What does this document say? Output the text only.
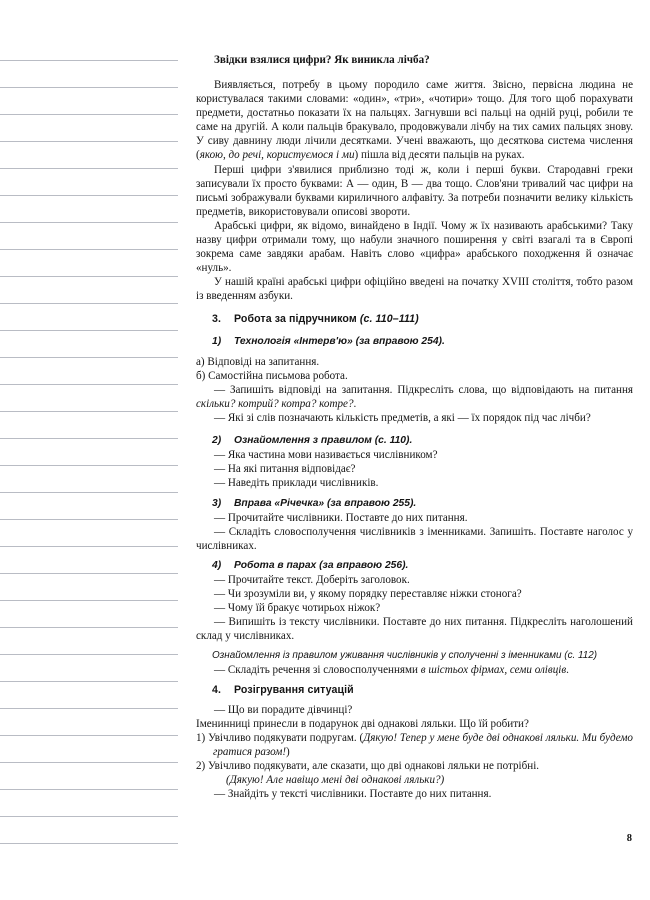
Звідки взялися цифри? Як виникла лічба?

Виявляється, потребу в цьому породило саме життя. Звісно, первісна людина не користувалася такими словами: «один», «три», «чотири» тощо. Для того щоб порахувати предмети, достатньо показати їх на пальцях. Загнувши всі пальці на одній руці, робили те саме на другій. А коли пальців бракувало, продовжували лічбу на тих самих пальцях знову. У сиву давнину люди лічили десятками. Учені вважають, що десяткова система числення (якою, до речі, користуємося і ми) пішла від десяти пальців на руках.

Перші цифри з'явилися приблизно тоді ж, коли і перші букви. Стародавні греки записували їх просто буквами: А — один, В — два тощо. Слов'яни тривалий час цифри на письмі зображували буквами кириличного алфавіту. За потреби позначити велику кількість предметів, використовували описові звороти.

Арабські цифри, як відомо, винайдено в Індії. Чому ж їх називають арабськими? Таку назву цифри отримали тому, що набули значного поширення у світі взагалі та в Європі зокрема саме завдяки арабам. Навіть слово «цифра» арабського походження й означає «нуль».

У нашій країні арабські цифри офіційно введені на початку XVIII століття, тобто разом із введенням азбуки.

3. Робота за підручником (с. 110–111)
1) Технологія «Інтерв'ю» (за вправою 254).

а) Відповіді на запитання.

б) Самостійна письмова робота.

— Запишіть відповіді на запитання. Підкресліть слова, що відповідають на питання скільки? котрий? котра? котре?.

— Які зі слів позначають кількість предметів, а які — їх порядок під час лічби?

2) Ознайомлення з правилом (с. 110).

— Яка частина мови називається числівником?

— На які питання відповідає?

— Наведіть приклади числівників.

3) Вправа «Річечка» (за вправою 255).

— Прочитайте числівники. Поставте до них питання.

— Складіть словосполучення числівників з іменниками. Запишіть. Поставте наголос у числівниках.

4) Робота в парах (за вправою 256).

— Прочитайте текст. Доберіть заголовок.

— Чи зрозуміли ви, у якому порядку переставляє ніжки стонога?

— Чому їй бракує чотирьох ніжок?

— Випишіть із тексту числівники. Поставте до них питання. Підкресліть наголошений склад у числівниках.

Ознайомлення із правилом уживання числівників у сполученні з іменниками (с. 112)

— Складіть речення зі словосполученнями в шістьох фірмах, семи олівців.

4. Розігрування ситуацій

— Що ви порадите дівчинці?

Іменинниці принесли в подарунок дві однакові ляльки. Що їй робити?

1) Увічливо подякувати подругам. (Дякую! Тепер у мене буде дві однакові ляльки. Ми будемо гратися разом!)

2) Увічливо подякувати, але сказати, що дві однакові ляльки не потрібні.
(Дякую! Але навіщо мені дві однакові ляльки?)

— Знайдіть у тексті числівники. Поставте до них питання.

8
